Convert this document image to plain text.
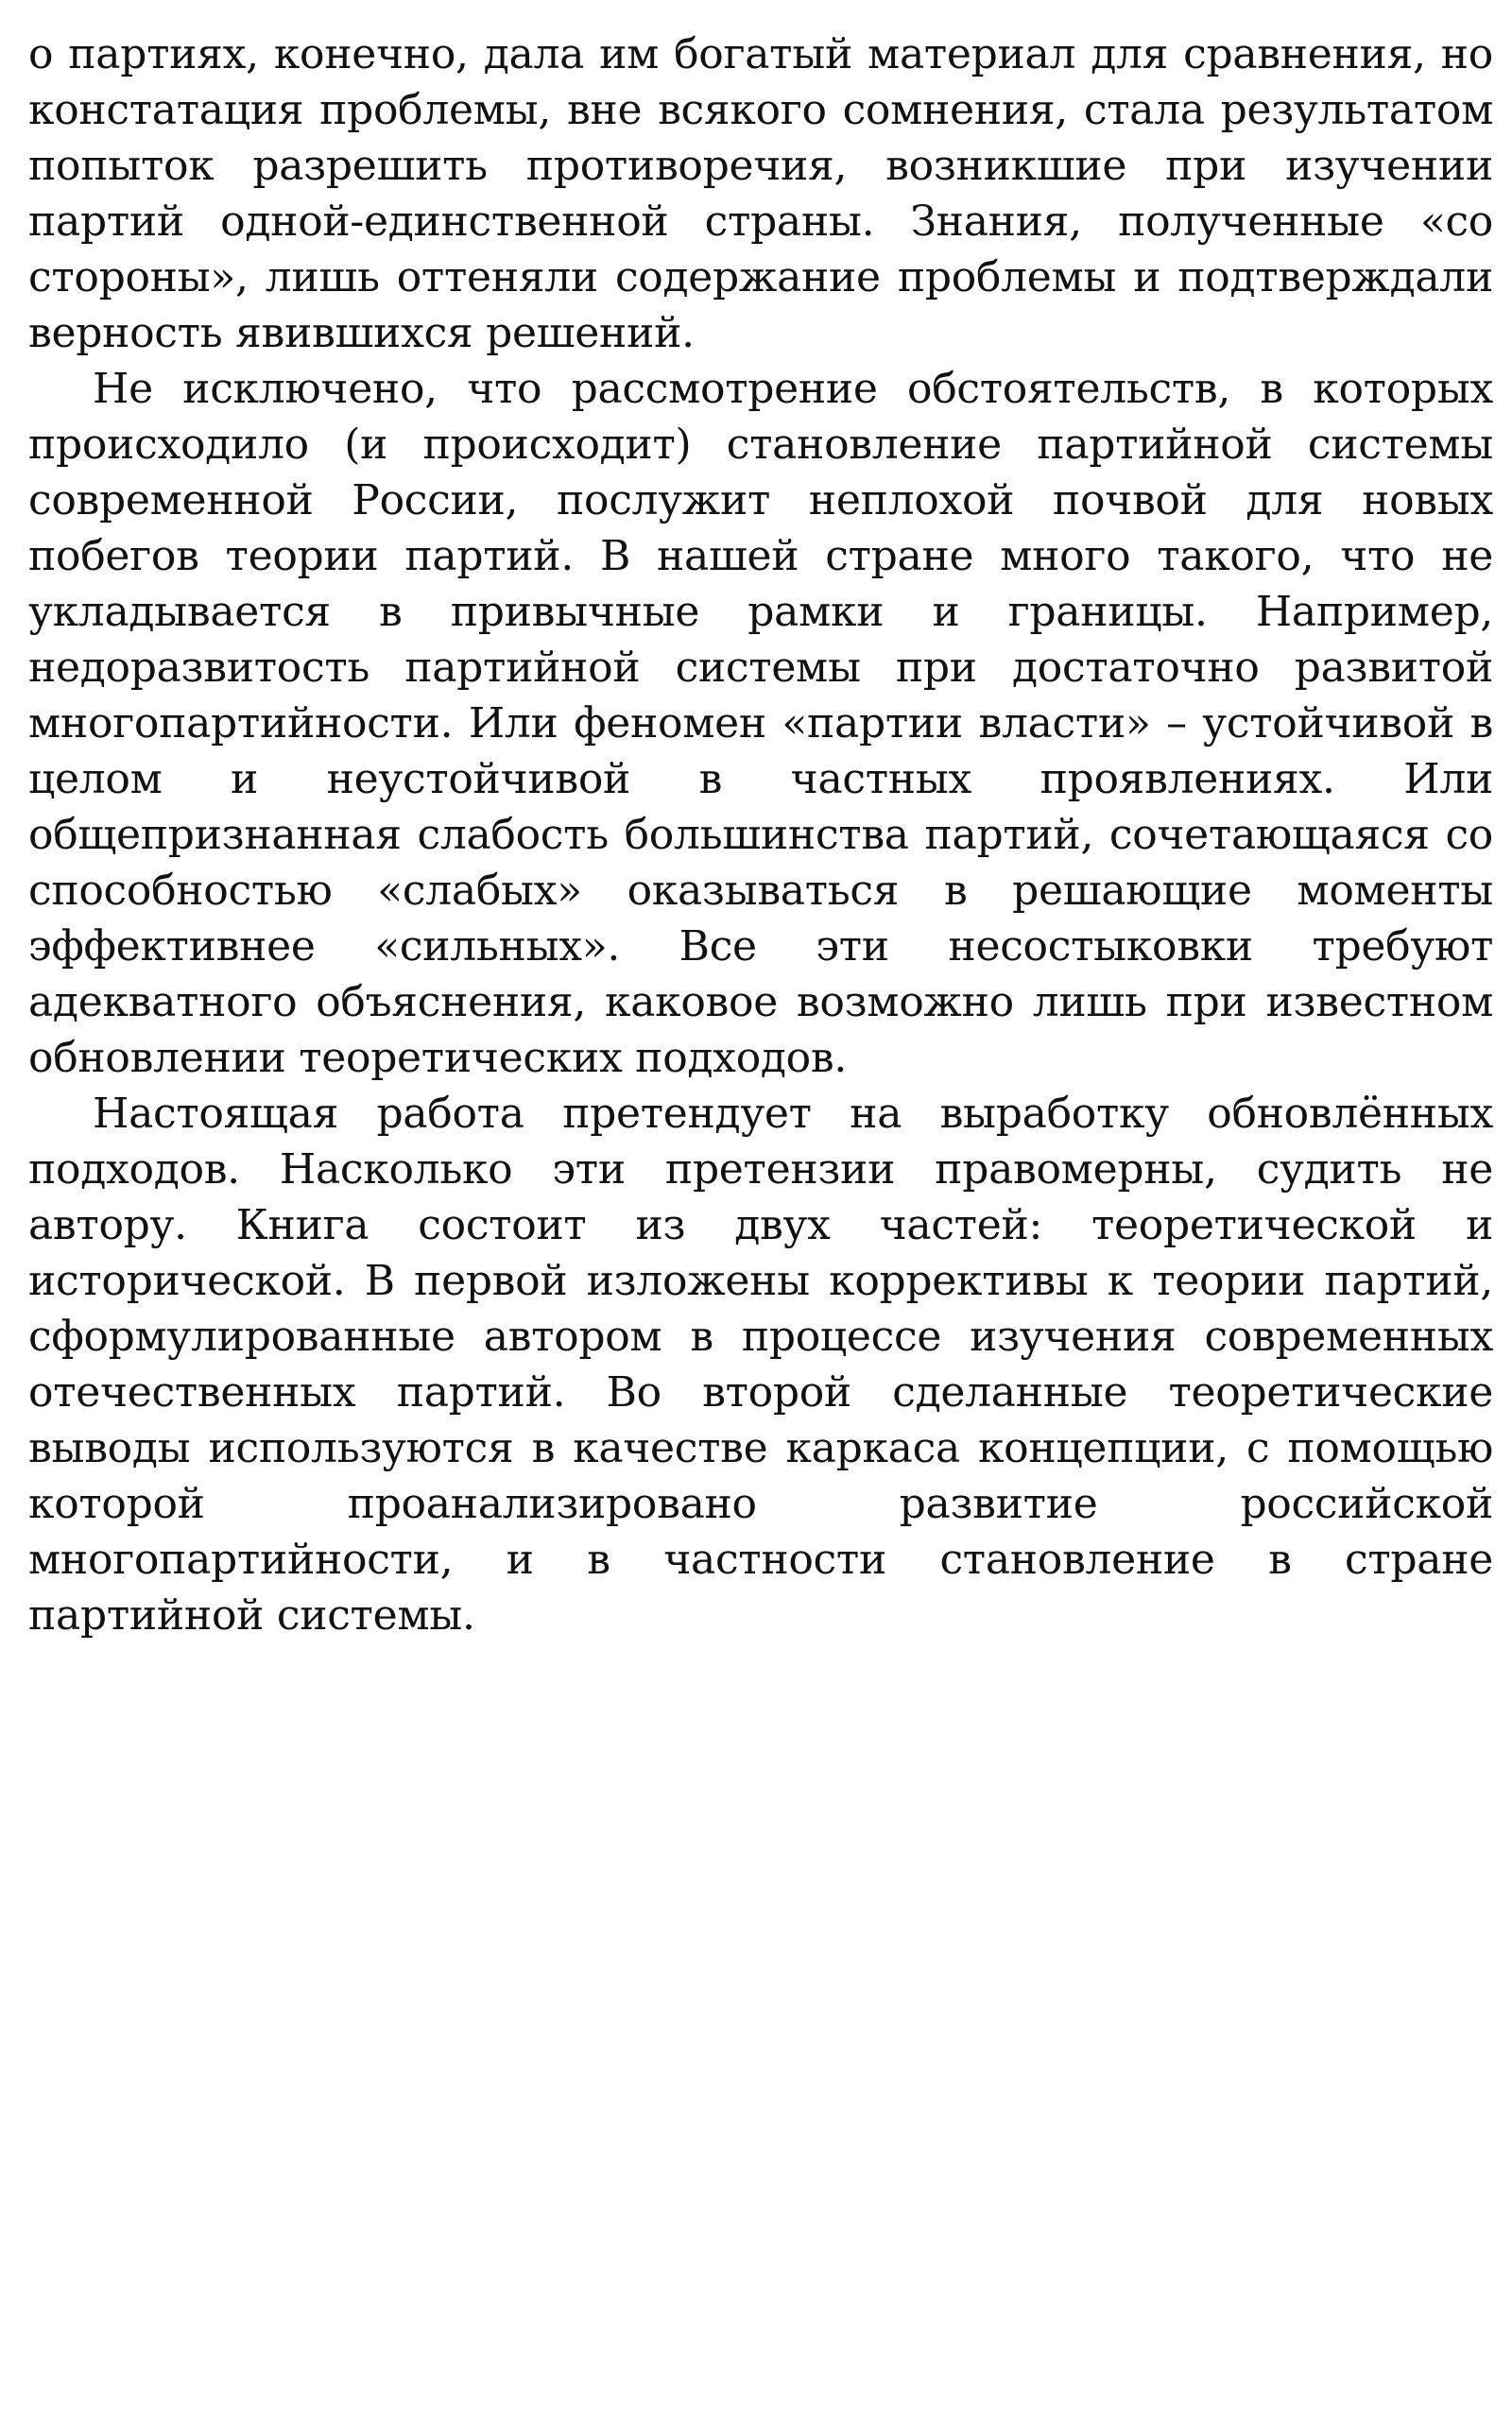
о партиях, конечно, дала им богатый материал для сравнения, но констатация проблемы, вне всякого сомнения, стала результатом попыток разрешить противоречия, возникшие при изучении партий одной-единственной страны. Знания, полученные «со стороны», лишь оттеняли содержание проблемы и подтверждали верность явившихся решений.

Не исключено, что рассмотрение обстоятельств, в которых происходило (и происходит) становление партийной системы современной России, послужит неплохой почвой для новых побегов теории партий. В нашей стране много такого, что не укладывается в привычные рамки и границы. Например, недоразвитость партийной системы при достаточно развитой многопартийности. Или феномен «партии власти» – устойчивой в целом и неустойчивой в частных проявлениях. Или общепризнанная слабость большинства партий, сочетающаяся со способностью «слабых» оказываться в решающие моменты эффективнее «сильных». Все эти несостыковки требуют адекватного объяснения, каковое возможно лишь при известном обновлении теоретических подходов.

Настоящая работа претендует на выработку обновлённых подходов. Насколько эти претензии правомерны, судить не автору. Книга состоит из двух частей: теоретической и исторической. В первой изложены коррективы к теории партий, сформулированные автором в процессе изучения современных отечественных партий. Во второй сделанные теоретические выводы используются в качестве каркаса концепции, с помощью которой проанализировано развитие российской многопартийности, и в частности становление в стране партийной системы.
